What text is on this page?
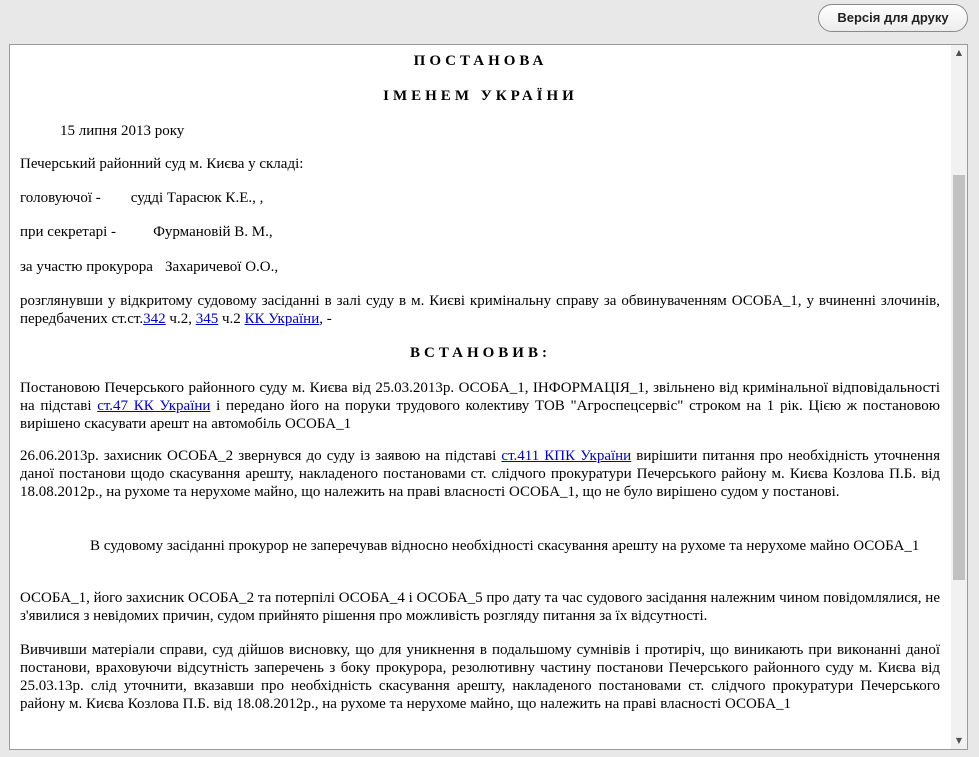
Версія для друку
ПОСТАНОВА
ІМЕНЕМ УКРАЇНИ
15 липня 2013 року
Печерський районний суд м. Києва у складі:
головуючої - судді Тарасюк К.Е., ,
при секретарі - Фурмановій В. М.,
за участю прокурора Захаричевої О.О.,
розглянувши у відкритому судовому засіданні в залі суду в м. Києві кримінальну справу за обвинуваченням ОСОБА_1, у вчиненні злочинів, передбачених ст.ст.342 ч.2, 345 ч.2 КК України, -
ВСТАНОВИВ:
Постановою Печерського районного суду м. Києва від 25.03.2013р. ОСОБА_1, ІНФОРМАЦІЯ_1, звільнено від кримінальної відповідальності на підставі ст.47 КК України і передано його на поруки трудового колективу ТОВ "Агроспецсервіс" строком на 1 рік. Цією ж постановою вирішено скасувати арешт на автомобіль ОСОБА_1
26.06.2013р. захисник ОСОБА_2 звернувся до суду із заявою на підставі ст.411 КПК України вирішити питання про необхідність уточнення даної постанови щодо скасування арешту, накладеного постановами ст. слідчого прокуратури Печерського району м. Києва Козлова П.Б. від 18.08.2012р., на рухоме та нерухоме майно, що належить на праві власності ОСОБА_1, що не було вирішено судом у постанові.
В судовому засіданні прокурор не заперечував відносно необхідності скасування арешту на рухоме та нерухоме майно ОСОБА_1
ОСОБА_1, його захисник ОСОБА_2 та потерпілі ОСОБА_4 і ОСОБА_5 про дату та час судового засідання належним чином повідомлялися, не з'явилися з невідомих причин, судом прийнято рішення про можливість розгляду питання за їх відсутності.
Вивчивши матеріали справи, суд дійшов висновку, що для уникнення в подальшому сумнівів і протиріч, що виникають при виконанні даної постанови, враховуючи відсутність заперечень з боку прокурора, резолютивну частину постанови Печерського районного суду м. Києва від 25.03.13р. слід уточнити, вказавши про необхідність скасування арешту, накладеного постановами ст. слідчого прокуратури Печерського району м. Києва Козлова П.Б. від 18.08.2012р., на рухоме та нерухоме майно, що належить на праві власності ОСОБА_1
▲
▼
